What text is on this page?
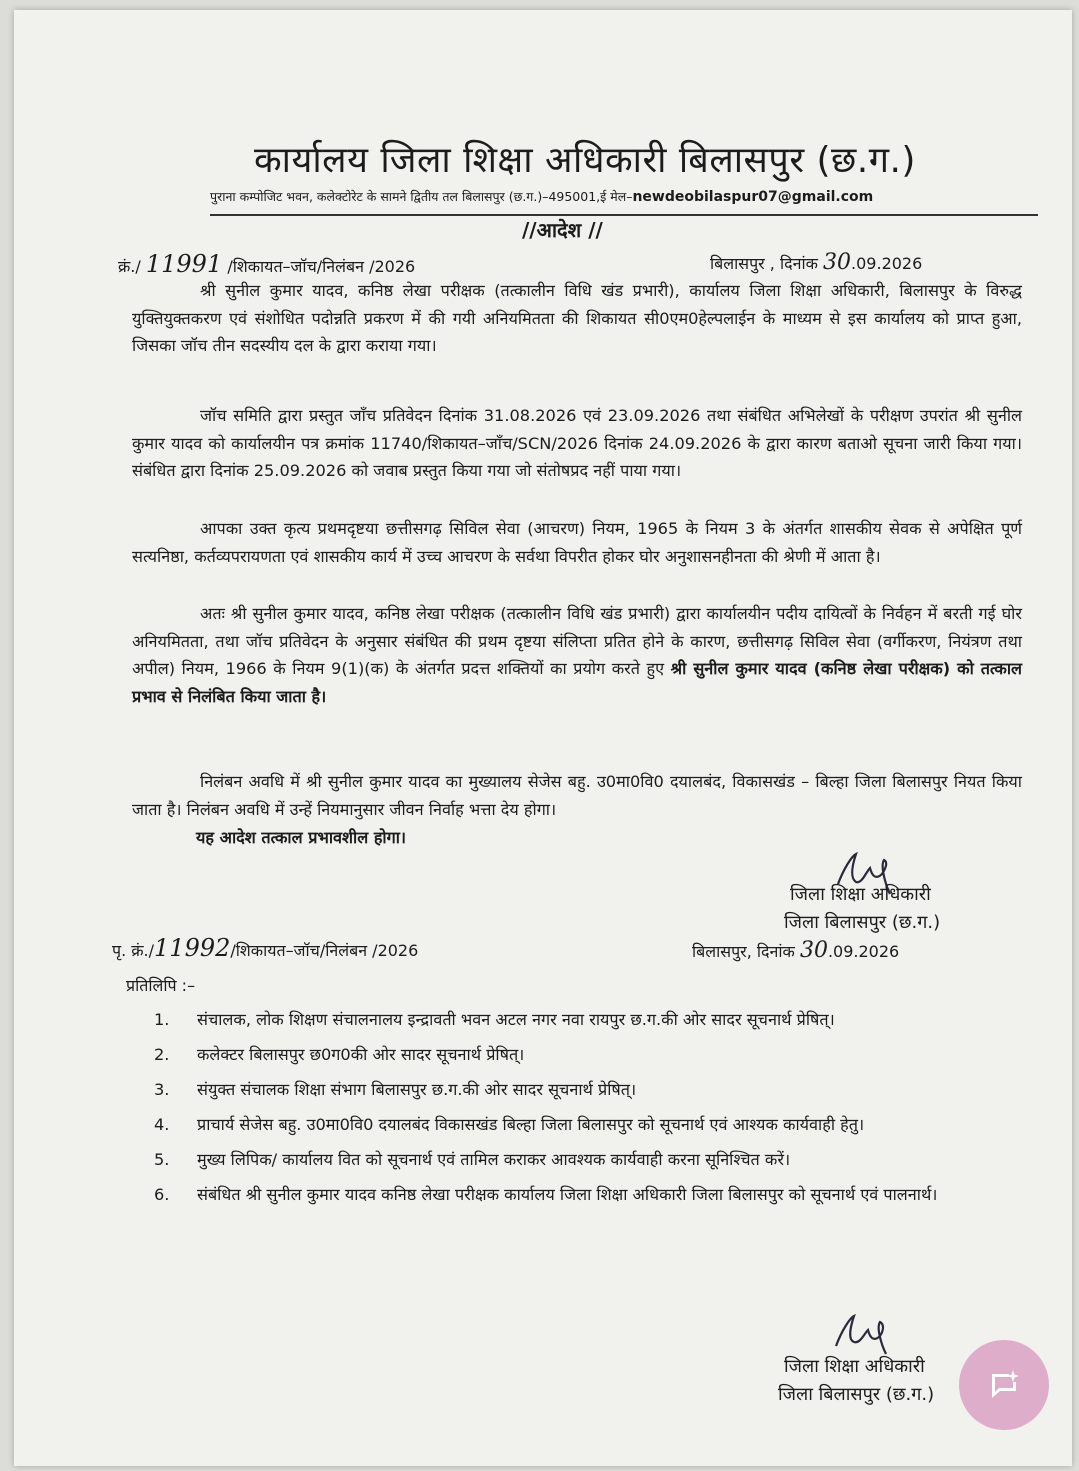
कार्यालय जिला शिक्षा अधिकारी बिलासपुर (छ.ग.)
पुराना कम्पोजिट भवन, कलेक्टोरेट के सामने द्वितीय तल बिलासपुर (छ.ग.)–495001,ई मेल–newdeobilaspur07@gmail.com
//आदेश //
क्रं./ 11991 /शिकायत–जॉच/निलंबन /2026	बिलासपुर , दिनांक 30.09.2026
श्री सुनील कुमार यादव, कनिष्ठ लेखा परीक्षक (तत्कालीन विधि खंड प्रभारी), कार्यालय जिला शिक्षा अधिकारी, बिलासपुर के विरुद्ध युक्तियुक्तकरण एवं संशोधित पदोन्नति प्रकरण में की गयी अनियमितता की शिकायत सी0एम0हेल्पलाईन के माध्यम से इस कार्यालय को प्राप्त हुआ, जिसका जॉच तीन सदस्यीय दल के द्वारा कराया गया।
जॉच समिति द्वारा प्रस्तुत जाँच प्रतिवेदन दिनांक 31.08.2026 एवं 23.09.2026 तथा संबंधित अभिलेखों के परीक्षण उपरांत श्री सुनील कुमार यादव को कार्यालयीन पत्र क्रमांक 11740/शिकायत–जाँच/SCN/2026 दिनांक 24.09.2026 के द्वारा कारण बताओ सूचना जारी किया गया। संबंधित द्वारा दिनांक 25.09.2026 को जवाब प्रस्तुत किया गया जो संतोषप्रद नहीं पाया गया।
आपका उक्त कृत्य प्रथमदृष्टया छत्तीसगढ़ सिविल सेवा (आचरण) नियम, 1965 के नियम 3 के अंतर्गत शासकीय सेवक से अपेक्षित पूर्ण सत्यनिष्ठा, कर्तव्यपरायणता एवं शासकीय कार्य में उच्च आचरण के सर्वथा विपरीत होकर घोर अनुशासनहीनता की श्रेणी में आता है।
अतः श्री सुनील कुमार यादव, कनिष्ठ लेखा परीक्षक (तत्कालीन विधि खंड प्रभारी) द्वारा कार्यालयीन पदीय दायित्वों के निर्वहन में बरती गई घोर अनियमितता, तथा जॉच प्रतिवेदन के अनुसार संबंधित की प्रथम दृष्टया संलिप्ता प्रतित होने के कारण, छत्तीसगढ़ सिविल सेवा (वर्गीकरण, नियंत्रण तथा अपील) नियम, 1966 के नियम 9(1)(क) के अंतर्गत प्रदत्त शक्तियों का प्रयोग करते हुए श्री सुनील कुमार यादव (कनिष्ठ लेखा परीक्षक) को तत्काल प्रभाव से निलंबित किया जाता है।
निलंबन अवधि में श्री सुनील कुमार यादव का मुख्यालय सेजेस बहु. उ0मा0वि0 दयालबंद, विकासखंड – बिल्हा जिला बिलासपुर नियत किया जाता है। निलंबन अवधि में उन्हें नियमानुसार जीवन निर्वाह भत्ता देय होगा।
यह आदेश तत्काल प्रभावशील होगा।
जिला शिक्षा अधिकारी
जिला बिलासपुर (छ.ग.)
पृ. क्रं./11992/शिकायत–जॉच/निलंबन /2026	बिलासपुर, दिनांक 30.09.2026
प्रतिलिपि :–
1.	संचालक, लोक शिक्षण संचालनालय इन्द्रावती भवन अटल नगर नवा रायपुर छ.ग.की ओर सादर सूचनार्थ प्रेषित्।
2.	कलेक्टर बिलासपुर छ0ग0की ओर सादर सूचनार्थ प्रेषित्।
3.	संयुक्त संचालक शिक्षा संभाग बिलासपुर छ.ग.की ओर सादर सूचनार्थ प्रेषित्।
4.	प्राचार्य सेजेस बहु. उ0मा0वि0 दयालबंद विकासखंड बिल्हा जिला बिलासपुर को सूचनार्थ एवं आश्यक कार्यवाही हेतु।
5.	मुख्य लिपिक/ कार्यालय वित को सूचनार्थ एवं तामिल कराकर आवश्यक कार्यवाही करना सूनिश्चित करें।
6.	संबंधित श्री सुनील कुमार यादव कनिष्ठ लेखा परीक्षक कार्यालय जिला शिक्षा अधिकारी जिला बिलासपुर को सूचनार्थ एवं पालनार्थ।
जिला शिक्षा अधिकारी
जिला बिलासपुर (छ.ग.)
